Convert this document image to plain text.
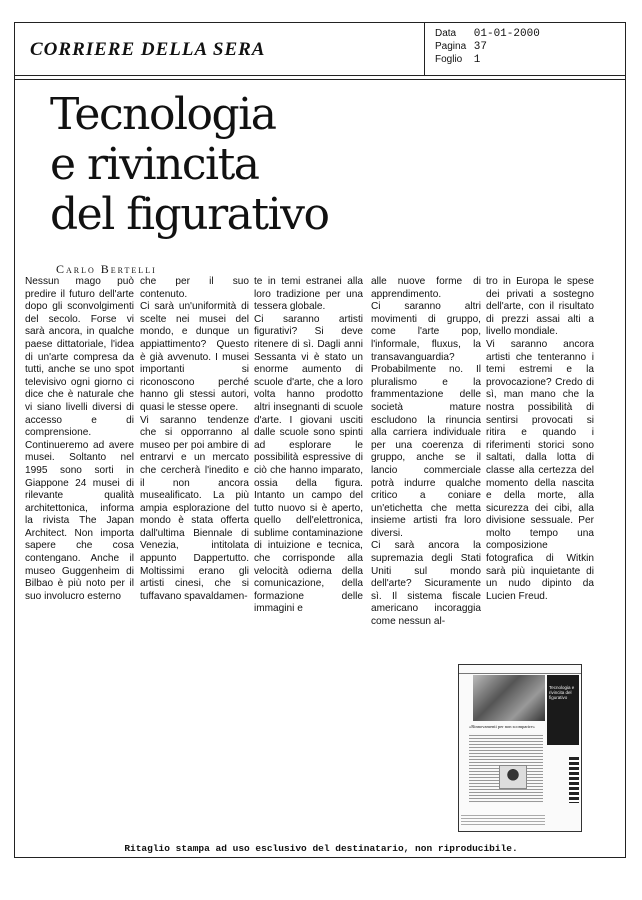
CORRIERE DELLA SERA
Data 01-01-2000
Pagina 37
Foglio 1
Tecnologia
e rivincita
del figurativo
Carlo Bertelli

Nessun mago può predire il futuro dell'arte dopo gli sconvolgimenti del secolo. Forse vi sarà ancora, in qualche paese dittatoriale, l'idea di un'arte compresa da tutti, anche se uno spot televisivo ogni giorno ci dice che è naturale che vi siano livelli diversi di accesso e di comprensione.

Continueremo ad avere musei. Soltanto nel 1995 sono sorti in Giappone 24 musei di rilevante qualità architettonica, informa la rivista The Japan Architect. Non importa sapere che cosa contengano. Anche il museo Guggenheim di Bilbao è più noto per il suo involucro esterno

che per il suo contenuto.

Ci sarà un'uniformità di scelte nei musei del mondo, e dunque un appiattimento? Questo è già avvenuto. I musei importanti si riconoscono perché hanno gli stessi autori, quasi le stesse opere.

Vi saranno tendenze che si opporranno al museo per poi ambire di entrarvi e un mercato che cercherà l'inedito e il non ancora musealificato. La più ampia esplorazione del mondo è stata offerta dall'ultima Biennale di Venezia, intitolata appunto Dappertutto. Moltissimi erano gli artisti cinesi, che si tuffavano spavaldamen-

te in temi estranei alla loro tradizione per una tessera globale.

Ci saranno artisti figurativi? Si deve ritenere di sì. Dagli anni Sessanta vi è stato un enorme aumento di scuole d'arte, che a loro volta hanno prodotto altri insegnanti di scuole d'arte. I giovani usciti dalle scuole sono spinti ad esplorare le possibilità espressive di ciò che hanno imparato, ossia della figura. Intanto un campo del tutto nuovo si è aperto, quello dell'elettronica, sublime contaminazione di intuizione e tecnica, che corrisponde alla velocità odierna della comunicazione, della formazione delle immagini e

alle nuove forme di apprendimento.

Ci saranno altri movimenti di gruppo, come l'arte pop, l'informale, fluxus, la transavanguardia? Probabilmente no. Il pluralismo e la frammentazione delle società mature escludono la rinuncia alla carriera individuale per una coerenza di gruppo, anche se il lancio commerciale potrà indurre qualche critico a coniare un'etichetta che metta insieme artisti fra loro diversi.

Ci sarà ancora la supremazia degli Stati Uniti sul mondo dell'arte? Sicuramente sì. Il sistema fiscale americano incoraggia come nessun al-

tro in Europa le spese dei privati a sostegno dell'arte, con il risultato di prezzi assai alti a livello mondiale.

Vi saranno ancora artisti che tenteranno i temi estremi e la provocazione? Credo di sì, man mano che la nostra possibilità di sentirsi provocati si ritira e quando i riferimenti storici sono saltati, dalla lotta di classe alla certezza del momento della nascita e della morte, alla sicurezza dei cibi, alla divisione sessuale. Per molto tempo una composizione fotografica di Witkin sarà più inquietante di un nudo dipinto da Lucien Freud.

Tecnologia e rivincita del figurativo
«Rinnovamenti per non scomparire»
Ritaglio stampa ad uso esclusivo del destinatario, non riproducibile.
